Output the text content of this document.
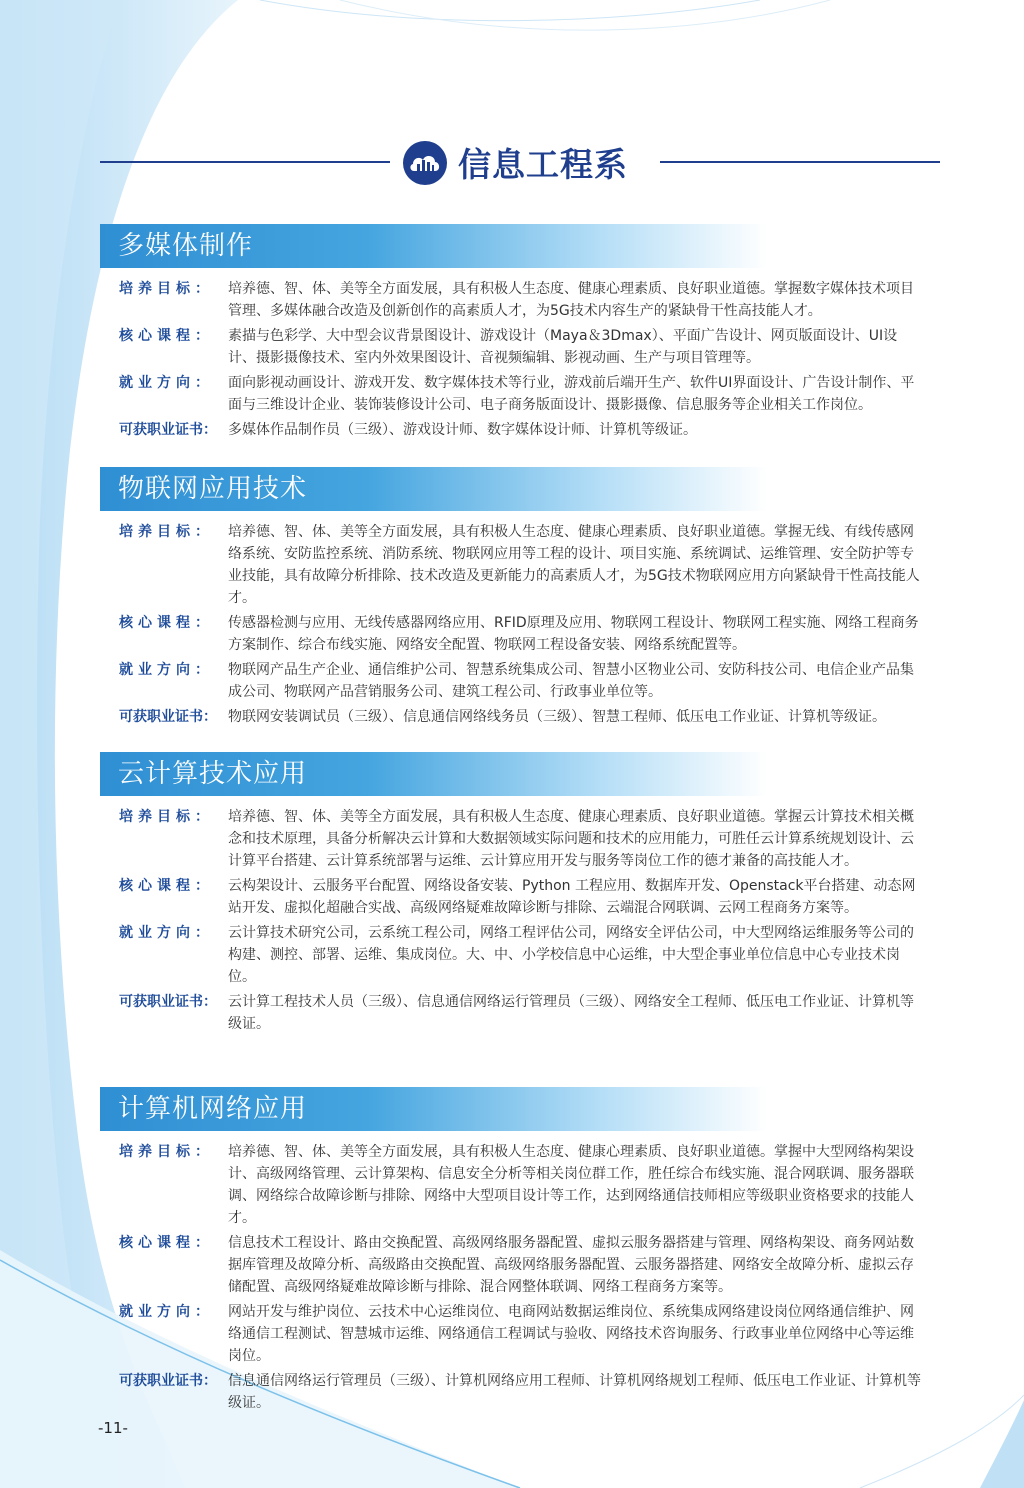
信息工程系
多媒体制作
培养目标：	培养德、智、体、美等全方面发展，具有积极人生态度、健康心理素质、良好职业道德。掌握数字媒体技术项目管理、多媒体融合改造及创新创作的高素质人才，为5G技术内容生产的紧缺骨干性高技能人才。
核心课程：	素描与色彩学、大中型会议背景图设计、游戏设计（Maya＆3Dmax）、平面广告设计、网页版面设计、UI设计、摄影摄像技术、室内外效果图设计、音视频编辑、影视动画、生产与项目管理等。
就业方向：	面向影视动画设计、游戏开发、数字媒体技术等行业，游戏前后端开生产、软件UI界面设计、广告设计制作、平面与三维设计企业、装饰装修设计公司、电子商务版面设计、摄影摄像、信息服务等企业相关工作岗位。
可获职业证书： 多媒体作品制作员（三级）、游戏设计师、数字媒体设计师、计算机等级证。
物联网应用技术
培养目标：	培养德、智、体、美等全方面发展，具有积极人生态度、健康心理素质、良好职业道德。掌握无线、有线传感网络系统、安防监控系统、消防系统、物联网应用等工程的设计、项目实施、系统调试、运维管理、安全防护等专业技能，具有故障分析排除、技术改造及更新能力的高素质人才，为5G技术物联网应用方向紧缺骨干性高技能人才。
核心课程：	传感器检测与应用、无线传感器网络应用、RFID原理及应用、物联网工程设计、物联网工程实施、网络工程商务方案制作、综合布线实施、网络安全配置、物联网工程设备安装、网络系统配置等。
就业方向：	物联网产品生产企业、通信维护公司、智慧系统集成公司、智慧小区物业公司、安防科技公司、电信企业产品集成公司、物联网产品营销服务公司、建筑工程公司、行政事业单位等。
可获职业证书： 物联网安装调试员（三级）、信息通信网络线务员（三级）、智慧工程师、低压电工作业证、计算机等级证。
云计算技术应用
培养目标：	培养德、智、体、美等全方面发展，具有积极人生态度、健康心理素质、良好职业道德。掌握云计算技术相关概念和技术原理，具备分析解决云计算和大数据领域实际问题和技术的应用能力，可胜任云计算系统规划设计、云计算平台搭建、云计算系统部署与运维、云计算应用开发与服务等岗位工作的德才兼备的高技能人才。
核心课程：	云构架设计、云服务平台配置、网络设备安装、Python 工程应用、数据库开发、Openstack平台搭建、动态网站开发、虚拟化超融合实战、高级网络疑难故障诊断与排除、云端混合网联调、云网工程商务方案等。
就业方向：	云计算技术研究公司，云系统工程公司，网络工程评估公司，网络安全评估公司，中大型网络运维服务等公司的构建、测控、部署、运维、集成岗位。大、中、小学校信息中心运维，中大型企事业单位信息中心专业技术岗位。
可获职业证书： 云计算工程技术人员（三级）、信息通信网络运行管理员（三级）、网络安全工程师、低压电工作业证、计算机等级证。
计算机网络应用
培养目标：	培养德、智、体、美等全方面发展，具有积极人生态度、健康心理素质、良好职业道德。掌握中大型网络构架设计、高级网络管理、云计算架构、信息安全分析等相关岗位群工作，胜任综合布线实施、混合网联调、服务器联调、网络综合故障诊断与排除、网络中大型项目设计等工作，达到网络通信技师相应等级职业资格要求的技能人才。
核心课程：	信息技术工程设计、路由交换配置、高级网络服务器配置、虚拟云服务器搭建与管理、网络构架设、商务网站数据库管理及故障分析、高级路由交换配置、高级网络服务器配置、云服务器搭建、网络安全故障分析、虚拟云存储配置、高级网络疑难故障诊断与排除、混合网整体联调、网络工程商务方案等。
就业方向：	网站开发与维护岗位、云技术中心运维岗位、电商网站数据运维岗位、系统集成网络建设岗位网络通信维护、网络通信工程测试、智慧城市运维、网络通信工程调试与验收、网络技术咨询服务、行政事业单位网络中心等运维岗位。
可获职业证书： 信息通信网络运行管理员（三级）、计算机网络应用工程师、计算机网络规划工程师、低压电工作业证、计算机等级证。
-11-
